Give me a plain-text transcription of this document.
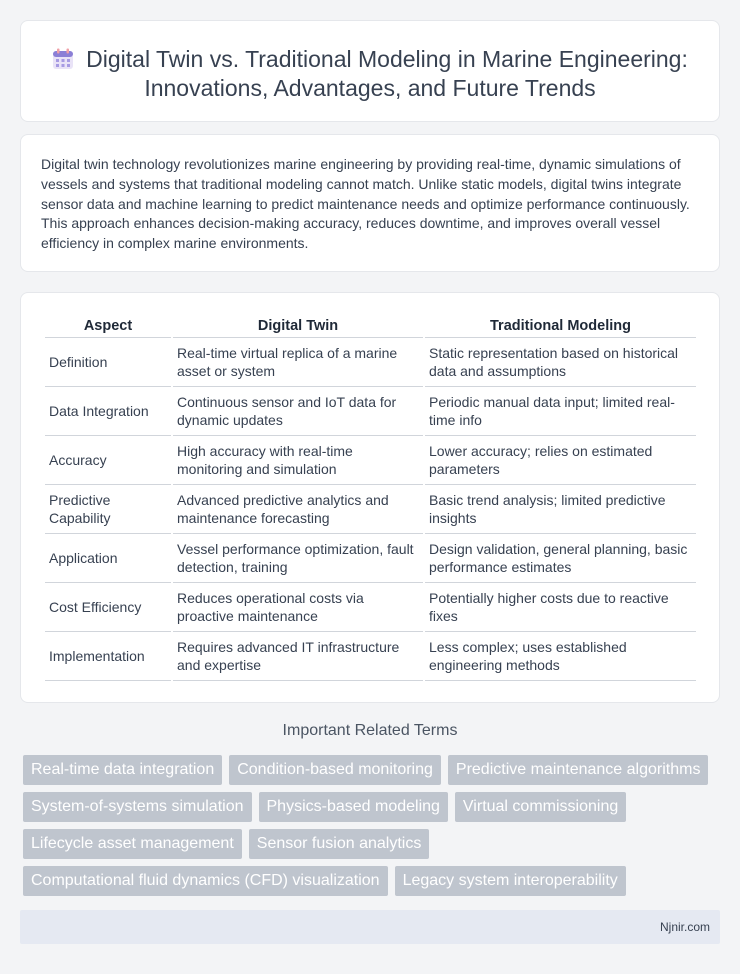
Digital Twin vs. Traditional Modeling in Marine Engineering: Innovations, Advantages, and Future Trends

Digital twin technology revolutionizes marine engineering by providing real-time, dynamic simulations of vessels and systems that traditional modeling cannot match. Unlike static models, digital twins integrate sensor data and machine learning to predict maintenance needs and optimize performance continuously. This approach enhances decision-making accuracy, reduces downtime, and improves overall vessel efficiency in complex marine environments.

Aspect	Digital Twin	Traditional Modeling
Definition	Real-time virtual replica of a marine asset or system	Static representation based on historical data and assumptions
Data Integration	Continuous sensor and IoT data for dynamic updates	Periodic manual data input; limited real-time info
Accuracy	High accuracy with real-time monitoring and simulation	Lower accuracy; relies on estimated parameters
Predictive Capability	Advanced predictive analytics and maintenance forecasting	Basic trend analysis; limited predictive insights
Application	Vessel performance optimization, fault detection, training	Design validation, general planning, basic performance estimates
Cost Efficiency	Reduces operational costs via proactive maintenance	Potentially higher costs due to reactive fixes
Implementation	Requires advanced IT infrastructure and expertise	Less complex; uses established engineering methods
Important Related Terms
Real-time data integration	Condition-based monitoring	Predictive maintenance algorithms
System-of-systems simulation	Physics-based modeling	Virtual commissioning
Lifecycle asset management	Sensor fusion analytics
Computational fluid dynamics (CFD) visualization	Legacy system interoperability
Njnir.com
